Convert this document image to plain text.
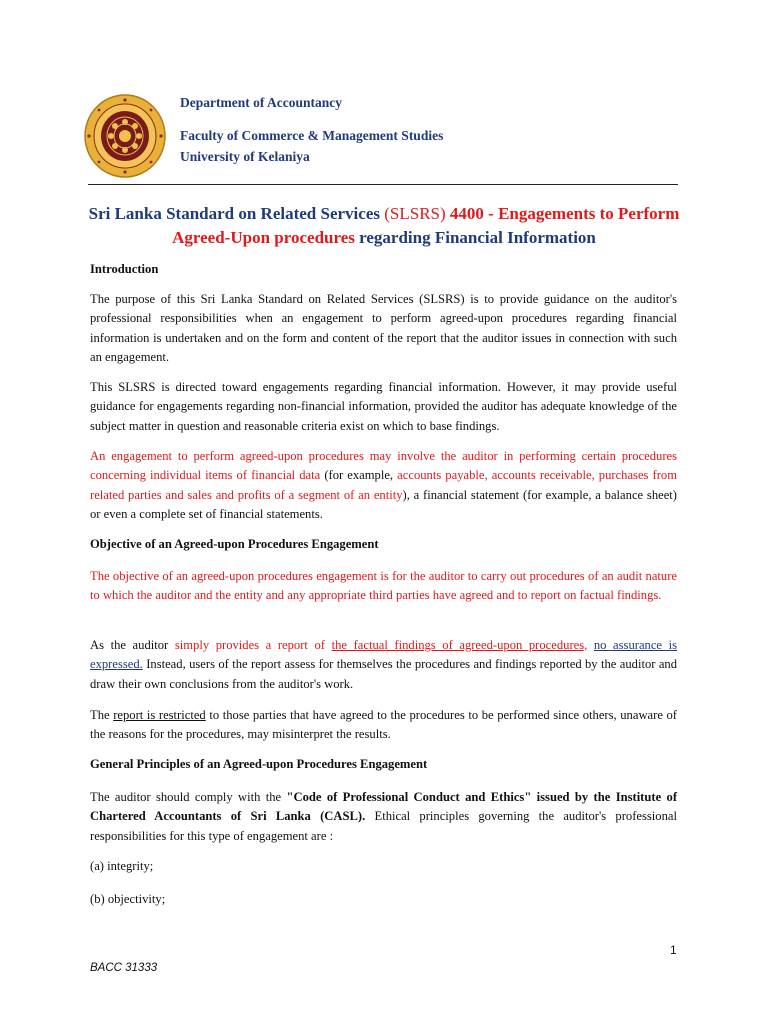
Department of Accountancy
Faculty of Commerce & Management Studies
University of Kelaniya
Sri Lanka Standard on Related Services (SLSRS) 4400 - Engagements to Perform Agreed-Upon procedures regarding Financial Information
Introduction
The purpose of this Sri Lanka Standard on Related Services (SLSRS) is to provide guidance on the auditor's professional responsibilities when an engagement to perform agreed-upon procedures regarding financial information is undertaken and on the form and content of the report that the auditor issues in connection with such an engagement.
This SLSRS is directed toward engagements regarding financial information. However, it may provide useful guidance for engagements regarding non-financial information, provided the auditor has adequate knowledge of the subject matter in question and reasonable criteria exist on which to base findings.
An engagement to perform agreed-upon procedures may involve the auditor in performing certain procedures concerning individual items of financial data (for example, accounts payable, accounts receivable, purchases from related parties and sales and profits of a segment of an entity), a financial statement (for example, a balance sheet) or even a complete set of financial statements.
Objective of an Agreed-upon Procedures Engagement
The objective of an agreed-upon procedures engagement is for the auditor to carry out procedures of an audit nature to which the auditor and the entity and any appropriate third parties have agreed and to report on factual findings.
As the auditor simply provides a report of the factual findings of agreed-upon procedures, no assurance is expressed. Instead, users of the report assess for themselves the procedures and findings reported by the auditor and draw their own conclusions from the auditor's work.
The report is restricted to those parties that have agreed to the procedures to be performed since others, unaware of the reasons for the procedures, may misinterpret the results.
General Principles of an Agreed-upon Procedures Engagement
The auditor should comply with the "Code of Professional Conduct and Ethics" issued by the Institute of Chartered Accountants of Sri Lanka (CASL). Ethical principles governing the auditor's professional responsibilities for this type of engagement are :
(a) integrity;
(b) objectivity;
1
BACC 31333
